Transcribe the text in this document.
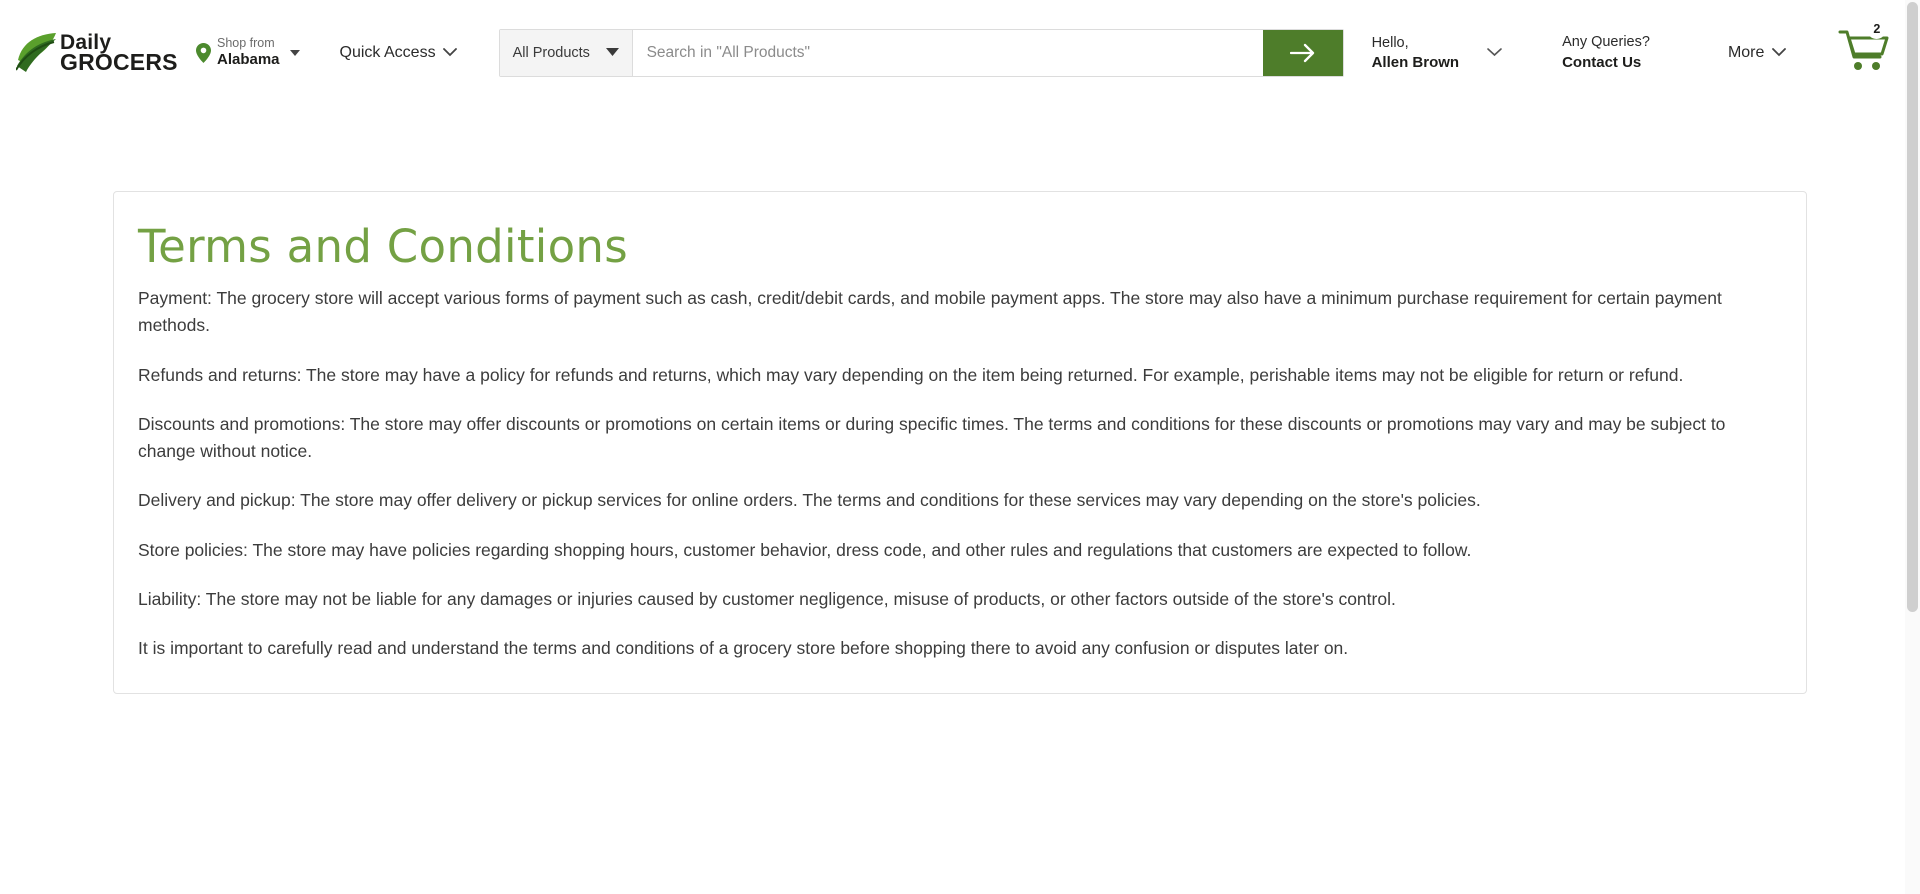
Daily
GROCERS
Shop from
Alabama	Quick Access	All Products
Search in "All Products"
Hello,
Allen Brown
Any Queries?
Contact Us
More
2
Terms and Conditions

Payment: The grocery store will accept various forms of payment such as cash, credit/debit cards, and mobile payment apps. The store may also have a minimum purchase requirement for certain payment methods.

Refunds and returns: The store may have a policy for refunds and returns, which may vary depending on the item being returned. For example, perishable items may not be eligible for return or refund.

Discounts and promotions: The store may offer discounts or promotions on certain items or during specific times. The terms and conditions for these discounts or promotions may vary and may be subject to change without notice.

Delivery and pickup: The store may offer delivery or pickup services for online orders. The terms and conditions for these services may vary depending on the store's policies.

Store policies: The store may have policies regarding shopping hours, customer behavior, dress code, and other rules and regulations that customers are expected to follow.

Liability: The store may not be liable for any damages or injuries caused by customer negligence, misuse of products, or other factors outside of the store's control.

It is important to carefully read and understand the terms and conditions of a grocery store before shopping there to avoid any confusion or disputes later on.
